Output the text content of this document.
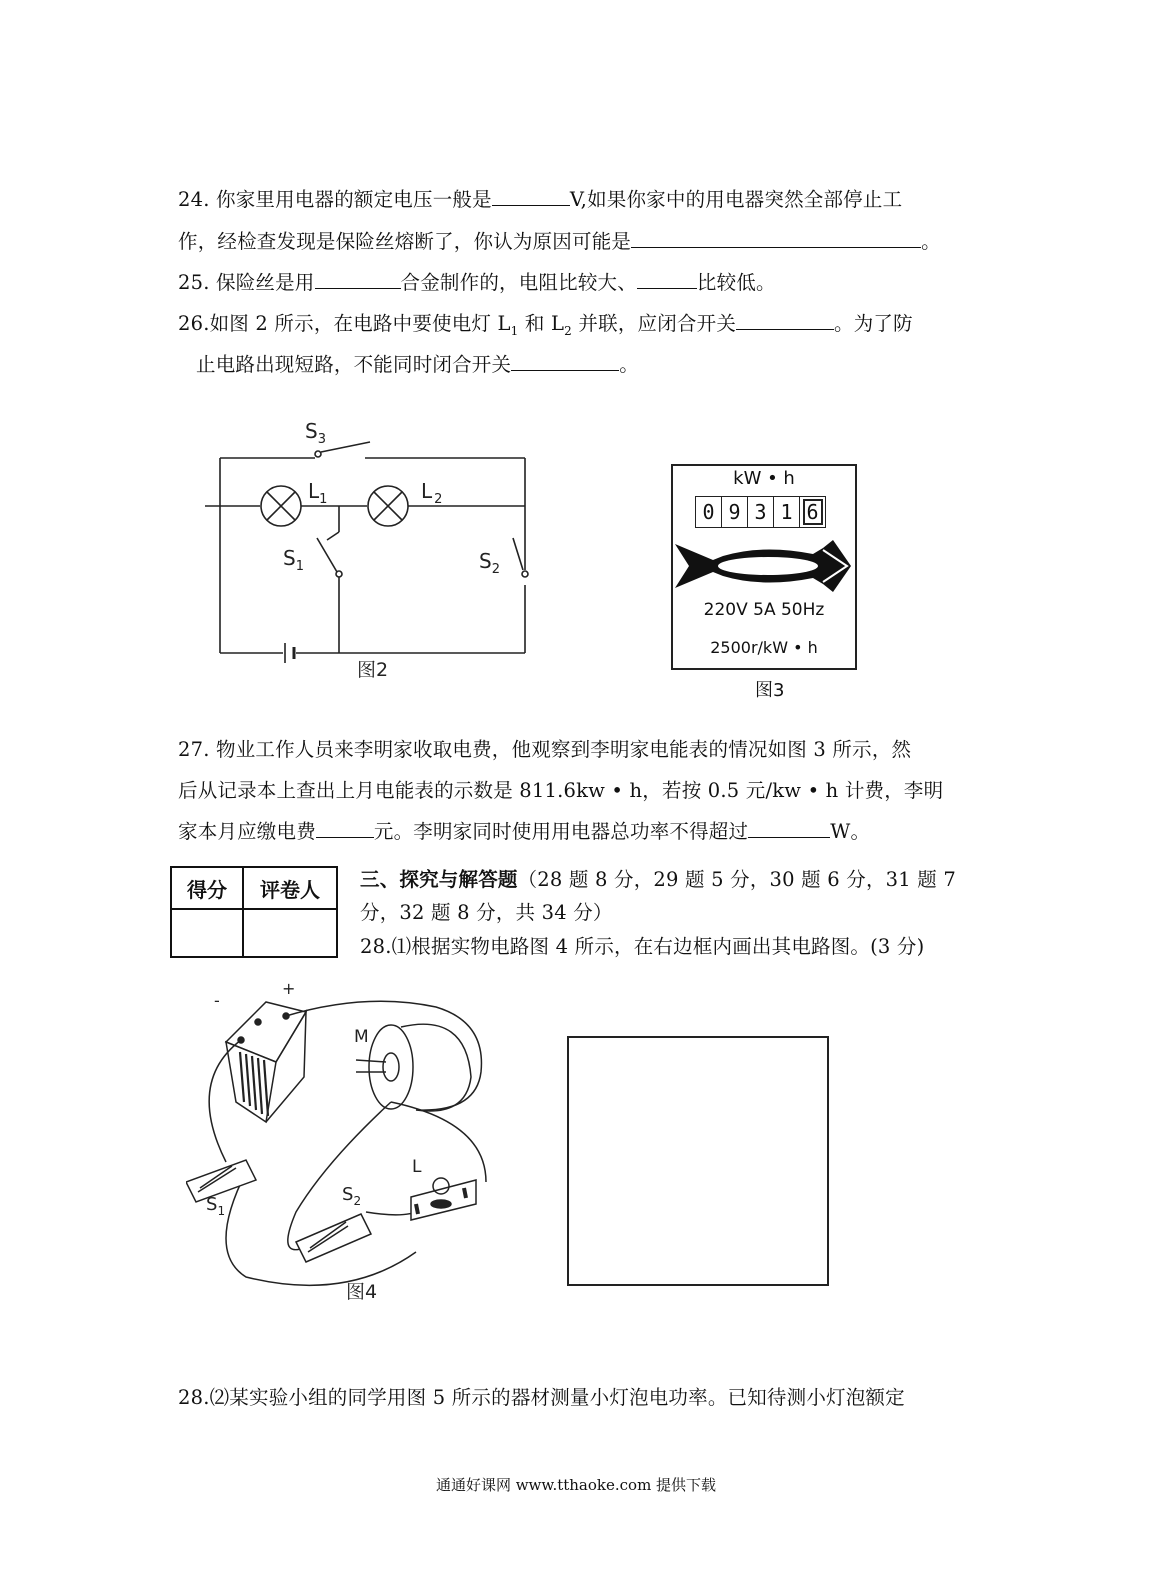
24. 你家里用电器的额定电压一般是	V,如果你家中的用电器突然全部停止工
作，经检查发现是保险丝熔断了，你认为原因可能是	。
25. 保险丝是用	合金制作的，电阻比较大、	比较低。
26.如图 2 所示，在电路中要使电灯 $L_1$ 和 $L_2$ 并联，应闭合开关	。为了防
止电路出现短路，不能同时闭合开关	。
$S_3$
$L_1$	L $_2$
$S_1$	$S_2$
图2
kW • h
0 9 3 1 6
220V 5A 50Hz
2500r/kW • h
图3
27. 物业工作人员来李明家收取电费，他观察到李明家电能表的情况如图 3 所示，然
后从记录本上查出上月电能表的示数是 811.6kw • h，若按 0.5 元/kw • h 计费，李明
家本月应缴电费	元。李明家同时使用用电器总功率不得超过	W。
得分	评卷人
	三、探究与解答题（28 题 8 分，29 题 5 分，30 题 6 分，31 题 7
分，32 题 8 分，共 34 分）
28.⑴根据实物电路图 4 所示，在右边框内画出其电路图。(3 分)
-
+
M
L
$S_1$
$S_2$
图4
28.⑵某实验小组的同学用图 5 所示的器材测量小灯泡电功率。已知待测小灯泡额定
通通好课网 www.tthaoke.com 提供下载
